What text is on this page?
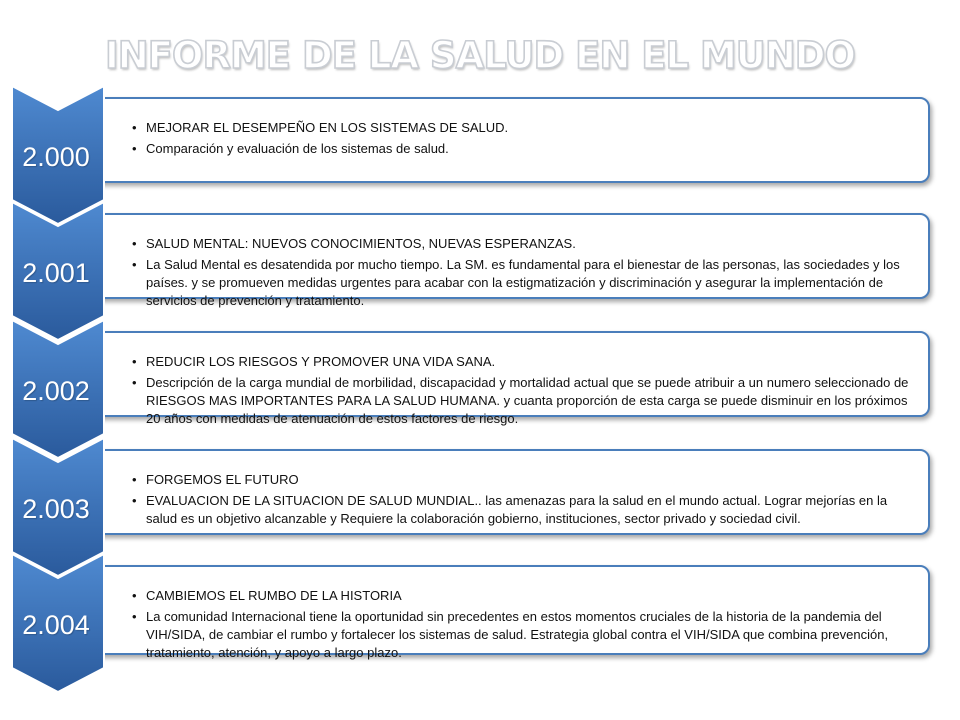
INFORME DE LA SALUD EN EL MUNDO
• MEJORAR EL DESEMPEÑO EN LOS SISTEMAS DE SALUD.
• Comparación y evaluación de los sistemas de salud.
2.000
• SALUD MENTAL: NUEVOS CONOCIMIENTOS, NUEVAS ESPERANZAS.
• La Salud Mental es desatendida por mucho tiempo. La SM. es fundamental para el bienestar de las personas, las sociedades y los países. y se promueven medidas urgentes para acabar con la estigmatización y discriminación y asegurar la implementación de servicios de prevención y tratamiento.
2.001
• REDUCIR LOS RIESGOS Y PROMOVER UNA VIDA SANA.
• Descripción de la carga mundial de morbilidad, discapacidad y mortalidad actual que se puede atribuir a un numero seleccionado de RIESGOS MAS IMPORTANTES PARA LA SALUD HUMANA. y cuanta proporción de esta carga se puede disminuir en los próximos 20 años con medidas de atenuación de estos factores de riesgo.
2.002
• FORGEMOS EL FUTURO
• EVALUACION DE LA SITUACION DE SALUD MUNDIAL.. las amenazas para la salud en el mundo actual. Lograr mejorías en la salud es un objetivo alcanzable y Requiere la colaboración gobierno, instituciones, sector privado y sociedad civil.
2.003
• CAMBIEMOS EL RUMBO DE LA HISTORIA
• La comunidad Internacional tiene la oportunidad sin precedentes en estos momentos cruciales de la historia de la pandemia del VIH/SIDA, de cambiar el rumbo y fortalecer los sistemas de salud. Estrategia global contra el VIH/SIDA que combina prevención, tratamiento, atención, y apoyo a largo plazo.
2.004
